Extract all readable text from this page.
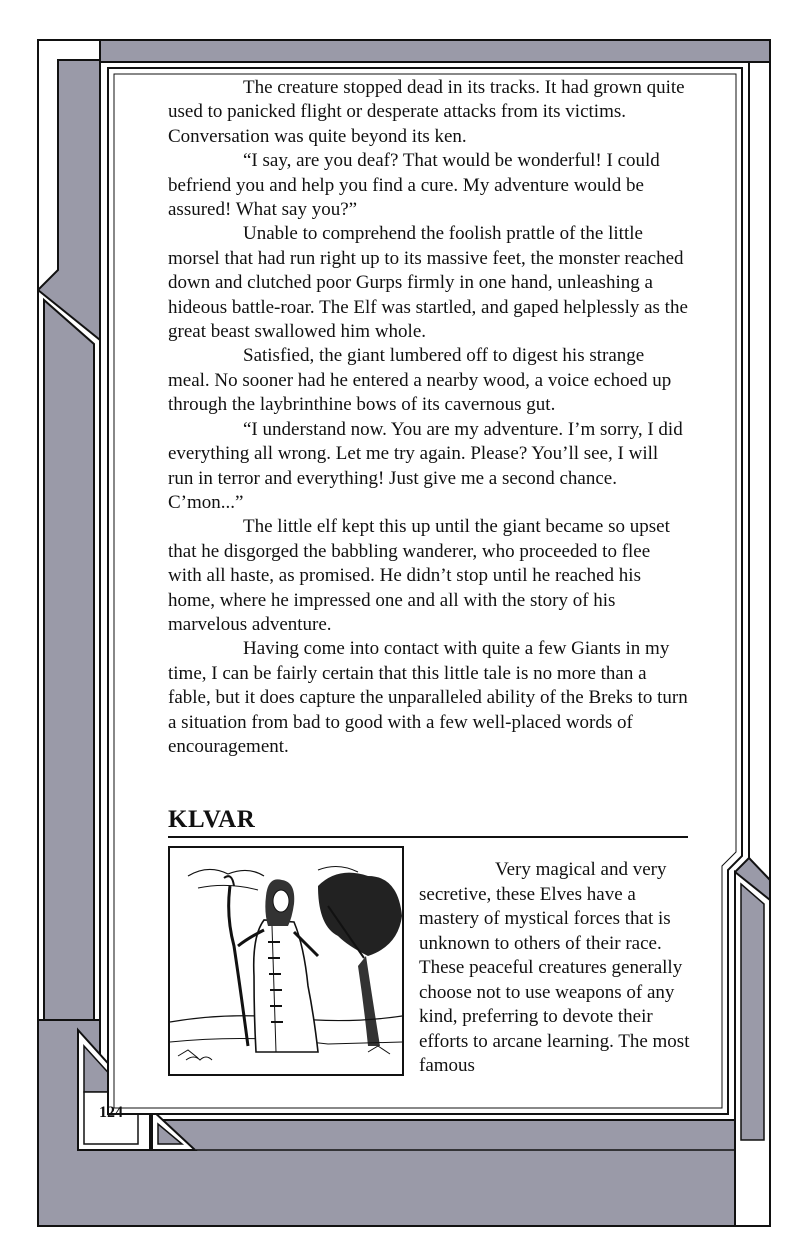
The creature stopped dead in its tracks. It had grown quite used to panicked flight or desperate attacks from its victims. Conversation was quite beyond its ken.

“I say, are you deaf? That would be wonderful! I could befriend you and help you find a cure. My adventure would be assured! What say you?”

Unable to comprehend the foolish prattle of the little morsel that had run right up to its massive feet, the monster reached down and clutched poor Gurps firmly in one hand, unleashing a hideous battle-roar. The Elf was startled, and gaped helplessly as the great beast swallowed him whole.

Satisfied, the giant lumbered off to digest his strange meal. No sooner had he entered a nearby wood, a voice echoed up through the laybrinthine bows of its cavernous gut.

“I understand now. You are my adventure. I’m sorry, I did everything all wrong. Let me try again. Please? You’ll see, I will run in terror and everything! Just give me a second chance. C’mon...”

The little elf kept this up until the giant became so upset that he disgorged the babbling wanderer, who proceeded to flee with all haste, as promised. He didn’t stop until he reached his home, where he impressed one and all with the story of his marvelous adventure.

Having come into contact with quite a few Giants in my time, I can be fairly certain that this little tale is no more than a fable, but it does capture the unparalleled ability of the Breks to turn a situation from bad to good with a few well-placed words of encouragement.

KLVAR

Very magical and very secretive, these Elves have a mastery of mystical forces that is unknown to others of their race. These peaceful creatures generally choose not to use weapons of any kind, preferring to devote their efforts to arcane learning. The most famous

124
